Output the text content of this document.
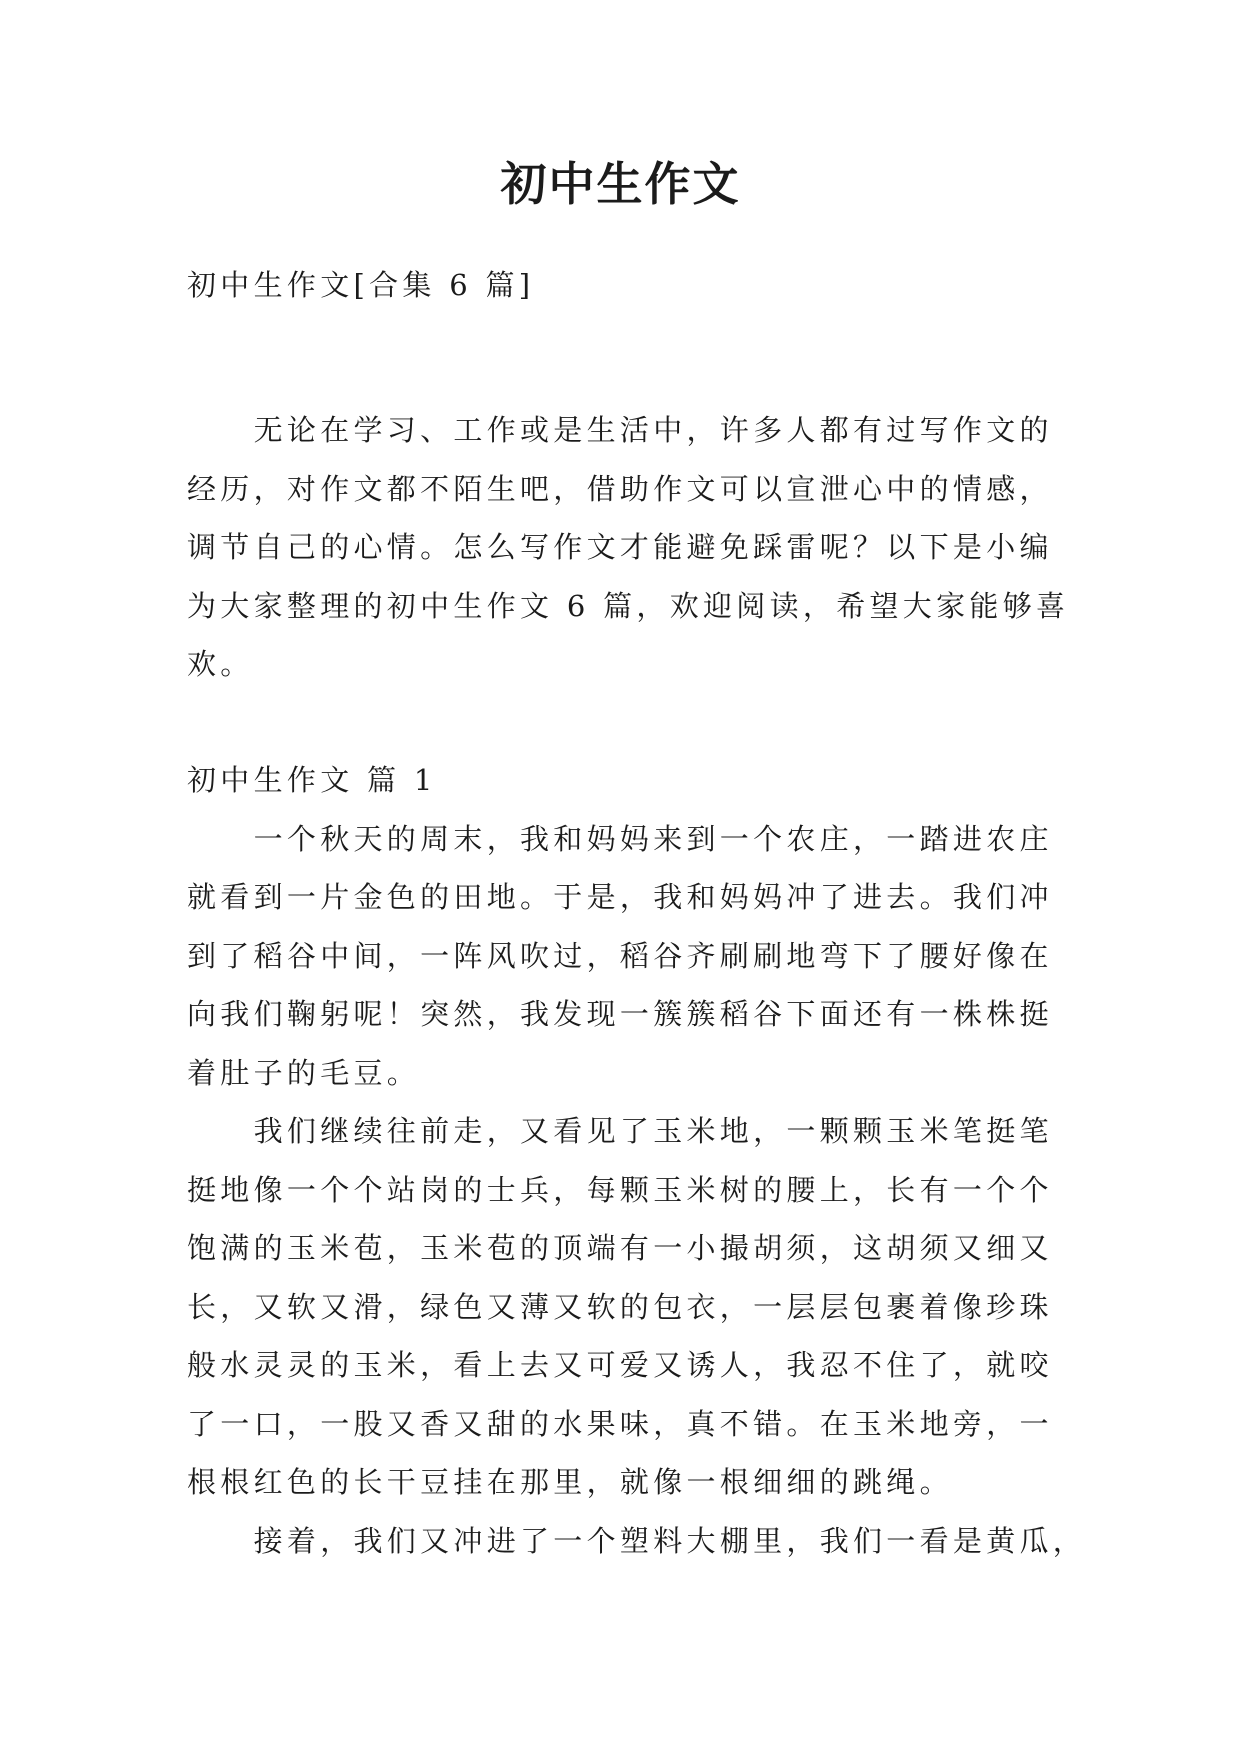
初中生作文
初中生作文[合集 6 篇]
无论在学习、工作或是生活中，许多人都有过写作文的
经历，对作文都不陌生吧，借助作文可以宣泄心中的情感，
调节自己的心情。怎么写作文才能避免踩雷呢？以下是小编
为大家整理的初中生作文 6 篇，欢迎阅读，希望大家能够喜
欢。
初中生作文 篇 1
一个秋天的周末，我和妈妈来到一个农庄，一踏进农庄
就看到一片金色的田地。于是，我和妈妈冲了进去。我们冲
到了稻谷中间，一阵风吹过，稻谷齐刷刷地弯下了腰好像在
向我们鞠躬呢！突然，我发现一簇簇稻谷下面还有一株株挺
着肚子的毛豆。
我们继续往前走，又看见了玉米地，一颗颗玉米笔挺笔
挺地像一个个站岗的士兵，每颗玉米树的腰上，长有一个个
饱满的玉米苞，玉米苞的顶端有一小撮胡须，这胡须又细又
长，又软又滑，绿色又薄又软的包衣，一层层包裹着像珍珠
般水灵灵的玉米，看上去又可爱又诱人，我忍不住了，就咬
了一口，一股又香又甜的水果味，真不错。在玉米地旁，一
根根红色的长干豆挂在那里，就像一根细细的跳绳。
接着，我们又冲进了一个塑料大棚里，我们一看是黄瓜，
